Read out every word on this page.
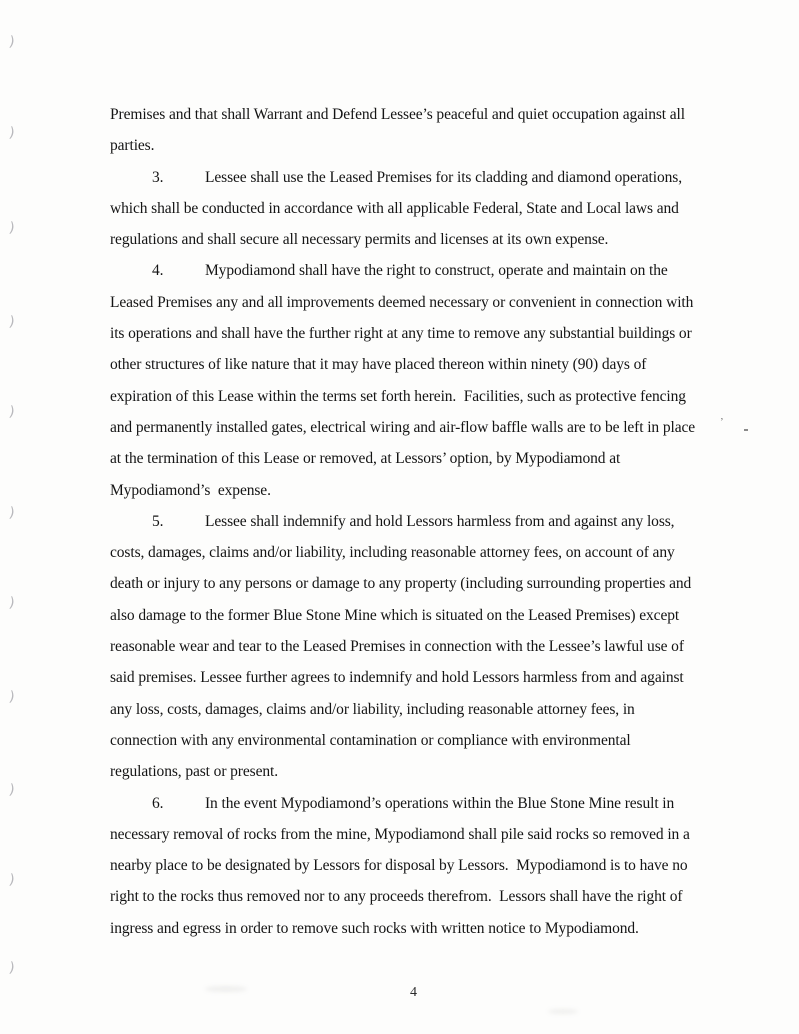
)
)
)
)
)
)
)
)
)
)
)
Premises and that shall Warrant and Defend Lessee’s peaceful and quiet occupation against all
parties.
3.	Lessee shall use the Leased Premises for its cladding and diamond operations,
which shall be conducted in accordance with all applicable Federal, State and Local laws and
regulations and shall secure all necessary permits and licenses at its own expense.
4.	Mypodiamond shall have the right to construct, operate and maintain on the
Leased Premises any and all improvements deemed necessary or convenient in connection with
its operations and shall have the further right at any time to remove any substantial buildings or
other structures of like nature that it may have placed thereon within ninety (90) days of
expiration of this Lease within the terms set forth herein.  Facilities, such as protective fencing
and permanently installed gates, electrical wiring and air-flow baffle walls are to be left in place
at the termination of this Lease or removed, at Lessors’ option, by Mypodiamond at
Mypodiamond’s  expense.
5.	Lessee shall indemnify and hold Lessors harmless from and against any loss,
costs, damages, claims and/or liability, including reasonable attorney fees, on account of any
death or injury to any persons or damage to any property (including surrounding properties and
also damage to the former Blue Stone Mine which is situated on the Leased Premises) except
reasonable wear and tear to the Leased Premises in connection with the Lessee’s lawful use of
said premises. Lessee further agrees to indemnify and hold Lessors harmless from and against
any loss, costs, damages, claims and/or liability, including reasonable attorney fees, in
connection with any environmental contamination or compliance with environmental
regulations, past or present.
6.	In the event Mypodiamond’s operations within the Blue Stone Mine result in
necessary removal of rocks from the mine, Mypodiamond shall pile said rocks so removed in a
nearby place to be designated by Lessors for disposal by Lessors.  Mypodiamond is to have no
right to the rocks thus removed nor to any proceeds therefrom.  Lessors shall have the right of
ingress and egress in order to remove such rocks with written notice to Mypodiamond.
4
’
